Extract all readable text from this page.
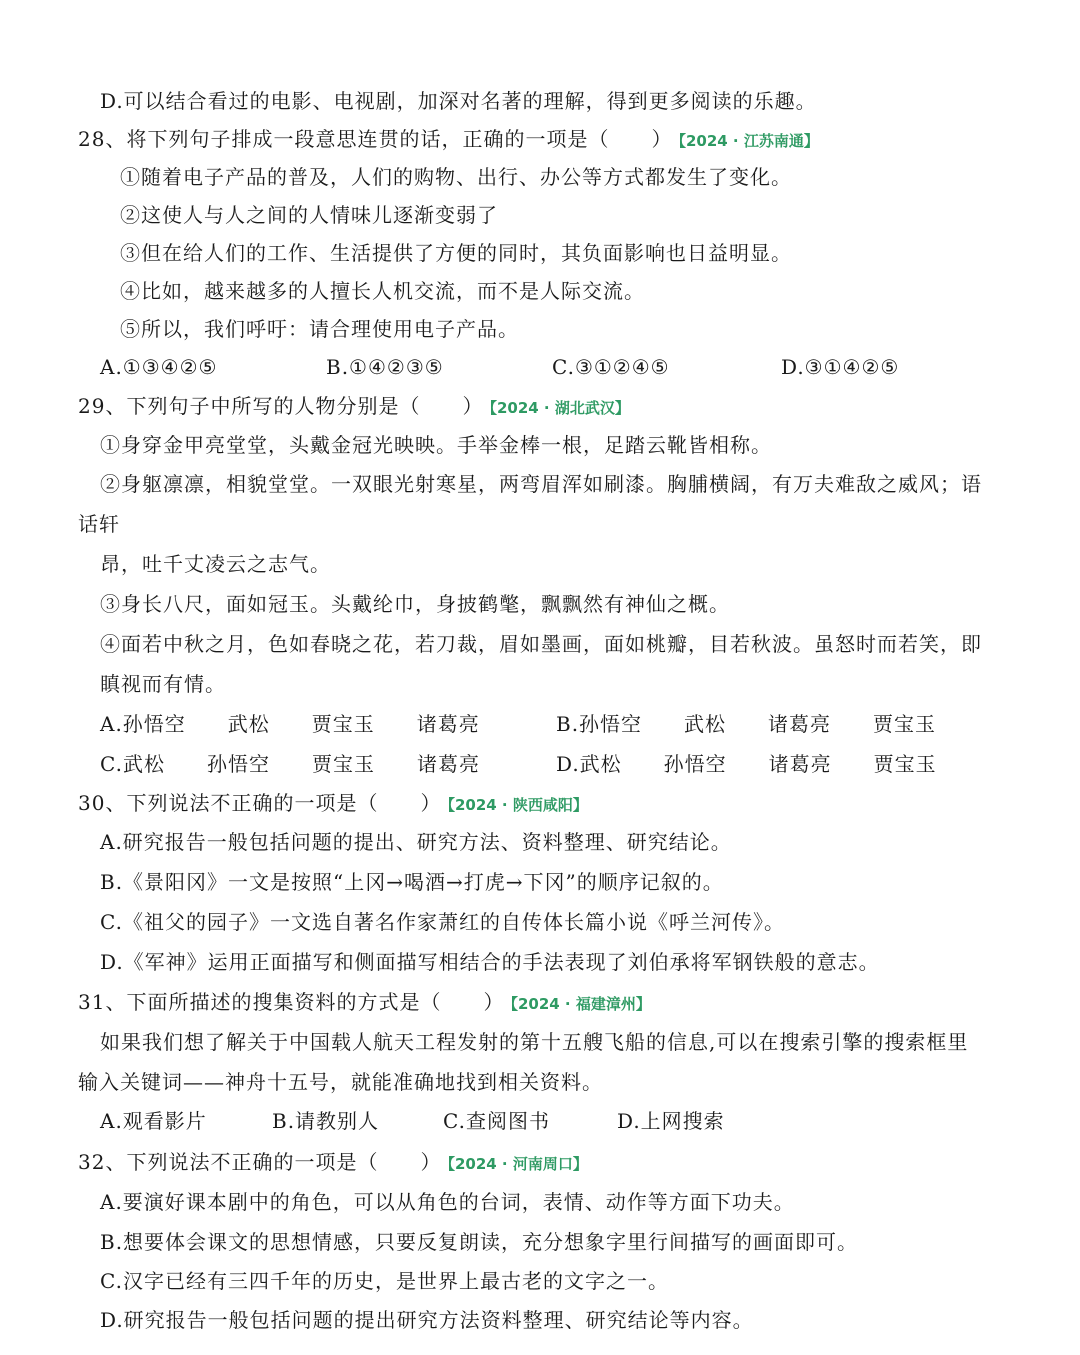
D.可以结合看过的电影、电视剧，加深对名著的理解，得到更多阅读的乐趣。
28、将下列句子排成一段意思连贯的话，正确的一项是（　　） 【2024 · 江苏南通】
①随着电子产品的普及，人们的购物、出行、办公等方式都发生了变化。
②这使人与人之间的人情味儿逐渐变弱了
③但在给人们的工作、生活提供了方便的同时，其负面影响也日益明显。
④比如，越来越多的人擅长人机交流，而不是人际交流。
⑤所以，我们呼吁：请合理使用电子产品。
A.①③④②⑤	B.①④②③⑤	C.③①②④⑤	D.③①④②⑤
29、下列句子中所写的人物分别是（　　） 【2024 · 湖北武汉】
①身穿金甲亮堂堂，头戴金冠光映映。手举金棒一根，足踏云靴皆相称。
②身躯凛凛，相貌堂堂。一双眼光射寒星，两弯眉浑如刷漆。胸脯横阔，有万夫难敌之威风；语
话轩
昂，吐千丈凌云之志气。
③身长八尺，面如冠玉。头戴纶巾，身披鹤氅，飘飘然有神仙之概。
④面若中秋之月，色如春晓之花，若刀裁，眉如墨画，面如桃瓣，目若秋波。虽怒时而若笑，即
瞋视而有情。
A.孙悟空　　武松　　贾宝玉　　诸葛亮	B.孙悟空　　武松　　诸葛亮　　贾宝玉
C.武松　　孙悟空　　贾宝玉　　诸葛亮	D.武松　　孙悟空　　诸葛亮　　贾宝玉
30、下列说法不正确的一项是（　　） 【2024 · 陕西咸阳】
A.研究报告一般包括问题的提出、研究方法、资料整理、研究结论。
B.《景阳冈》一文是按照“上冈→喝酒→打虎→下冈”的顺序记叙的。
C.《祖父的园子》一文选自著名作家萧红的自传体长篇小说《呼兰河传》。
D.《军神》运用正面描写和侧面描写相结合的手法表现了刘伯承将军钢铁般的意志。
31、下面所描述的搜集资料的方式是（　　） 【2024 · 福建漳州】
如果我们想了解关于中国载人航天工程发射的第十五艘飞船的信息,可以在搜索引擎的搜索框里
输入关键词——神舟十五号，就能准确地找到相关资料。
A.观看影片	B.请教别人	C.查阅图书	D.上网搜索
32、下列说法不正确的一项是（　　） 【2024 · 河南周口】
A.要演好课本剧中的角色，可以从角色的台词，表情、动作等方面下功夫。
B.想要体会课文的思想情感，只要反复朗读，充分想象字里行间描写的画面即可。
C.汉字已经有三四千年的历史，是世界上最古老的文字之一。
D.研究报告一般包括问题的提出研究方法资料整理、研究结论等内容。
